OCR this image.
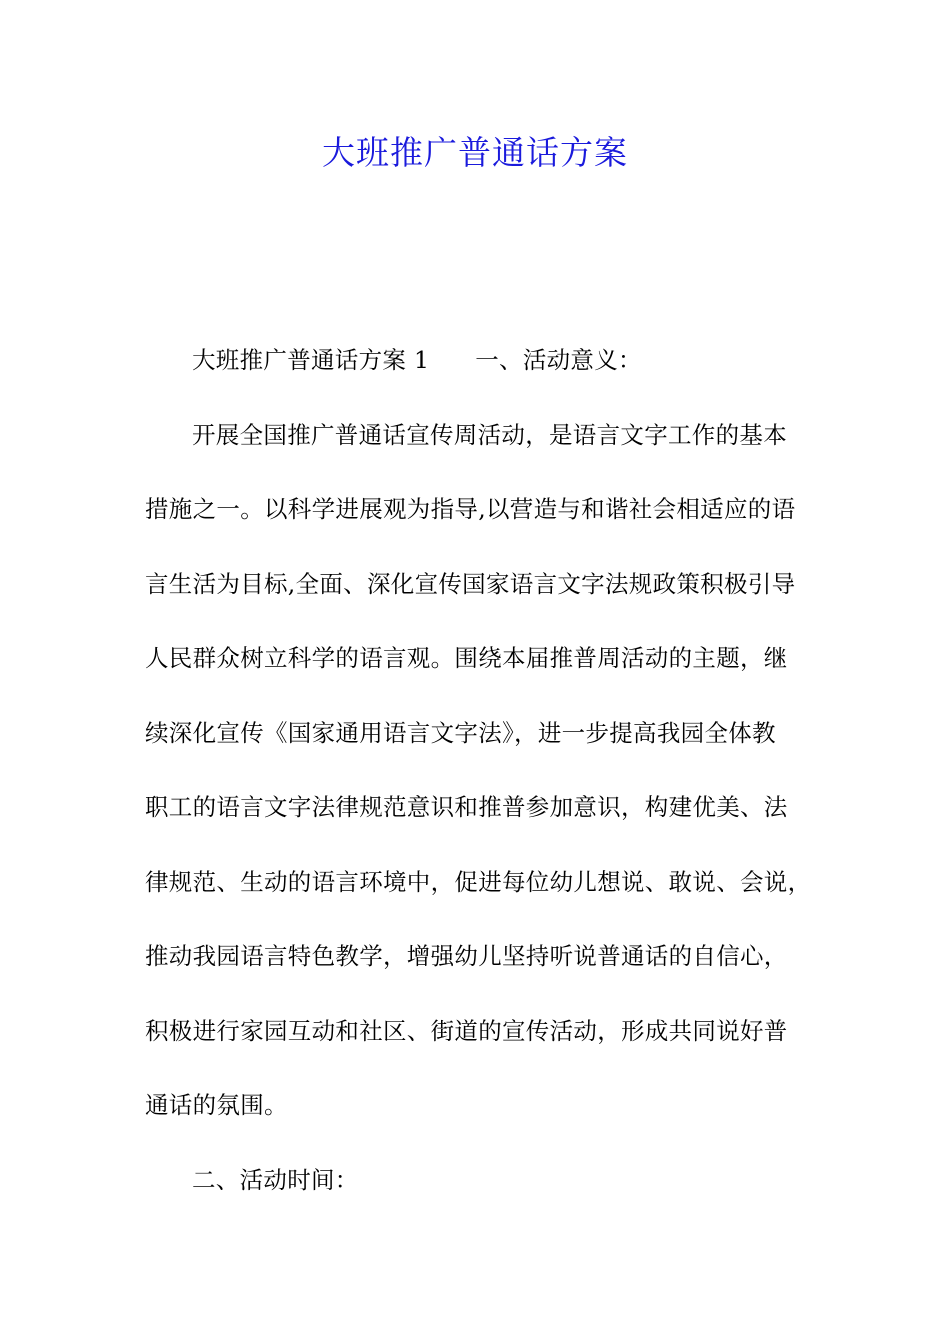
大班推广普通话方案
大班推广普通话方案 1 一、活动意义：
开展全国推广普通话宣传周活动，是语言文字工作的基本
措施之一。以科学进展观为指导,以营造与和谐社会相适应的语
言生活为目标,全面、深化宣传国家语言文字法规政策积极引导
人民群众树立科学的语言观。围绕本届推普周活动的主题，继
续深化宣传《国家通用语言文字法》，进一步提高我园全体教
职工的语言文字法律规范意识和推普参加意识，构建优美、法
律规范、生动的语言环境中，促进每位幼儿想说、敢说、会说，
推动我园语言特色教学，增强幼儿坚持听说普通话的自信心，
积极进行家园互动和社区、街道的宣传活动，形成共同说好普
通话的氛围。
二、活动时间：
